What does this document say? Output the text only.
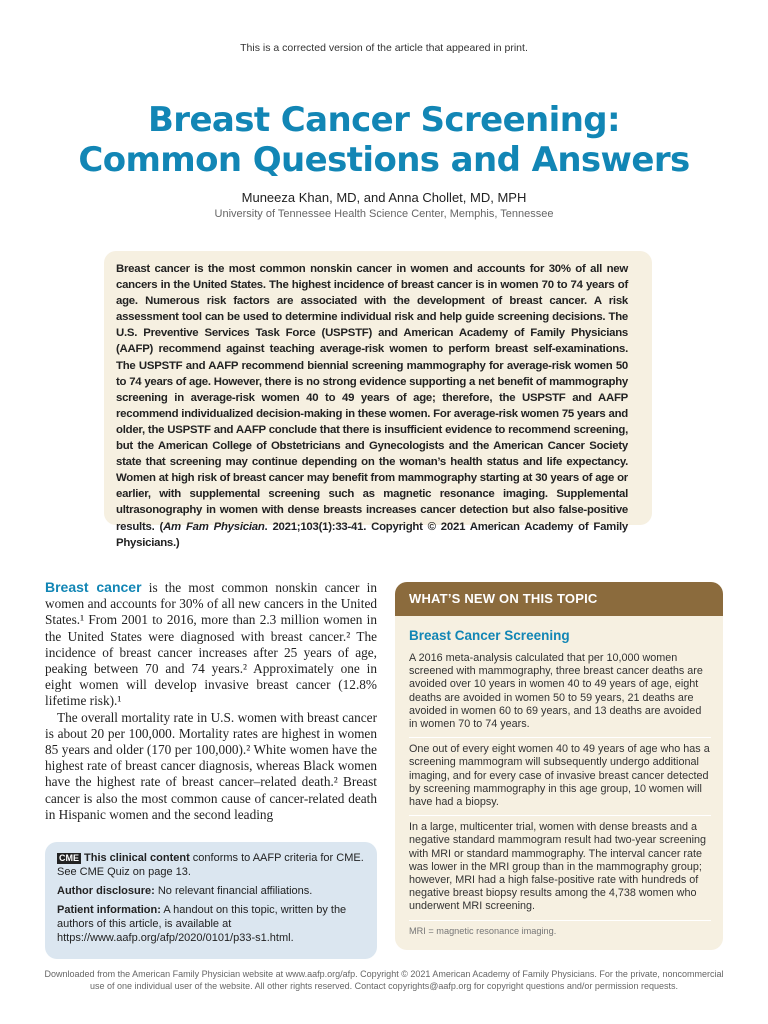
This is a corrected version of the article that appeared in print.
Breast Cancer Screening:
Common Questions and Answers
Muneeza Khan, MD, and Anna Chollet, MD, MPH
University of Tennessee Health Science Center, Memphis, Tennessee
Breast cancer is the most common nonskin cancer in women and accounts for 30% of all new cancers in the United States. The highest incidence of breast cancer is in women 70 to 74 years of age. Numerous risk factors are associated with the development of breast cancer. A risk assessment tool can be used to determine individual risk and help guide screening decisions. The U.S. Preventive Services Task Force (USPSTF) and American Academy of Family Physicians (AAFP) recommend against teaching average-risk women to perform breast self-examinations. The USPSTF and AAFP recommend biennial screening mammography for average-risk women 50 to 74 years of age. However, there is no strong evidence supporting a net benefit of mammography screening in average-risk women 40 to 49 years of age; therefore, the USPSTF and AAFP recommend individualized decision-making in these women. For average-risk women 75 years and older, the USPSTF and AAFP conclude that there is insufficient evidence to recommend screening, but the American College of Obstetricians and Gynecologists and the American Cancer Society state that screening may continue depending on the woman’s health status and life expectancy. Women at high risk of breast cancer may benefit from mammography starting at 30 years of age or earlier, with supplemental screening such as magnetic resonance imaging. Supplemental ultrasonography in women with dense breasts increases cancer detection but also false-positive results. (Am Fam Physician. 2021;103(1):33-41. Copyright © 2021 American Academy of Family Physicians.)

Breast cancer is the most common nonskin cancer in women and accounts for 30% of all new cancers in the United States.¹ From 2001 to 2016, more than 2.3 million women in the United States were diagnosed with breast cancer.² The incidence of breast cancer increases after 25 years of age, peaking between 70 and 74 years.² Approximately one in eight women will develop invasive breast cancer (12.8% lifetime risk).¹

The overall mortality rate in U.S. women with breast cancer is about 20 per 100,000. Mortality rates are highest in women 85 years and older (170 per 100,000).² White women have the highest rate of breast cancer diagnosis, whereas Black women have the highest rate of breast cancer–related death.² Breast cancer is also the most common cause of cancer-related death in Hispanic women and the second leading

CME This clinical content conforms to AAFP criteria for CME. See CME Quiz on page 13.

Author disclosure: No relevant financial affiliations.

Patient information: A handout on this topic, written by the authors of this article, is available at https://www.aafp.org/afp/2020/0101/p33-s1.html.

WHAT’S NEW ON THIS TOPIC
Breast Cancer Screening

A 2016 meta-analysis calculated that per 10,000 women screened with mammography, three breast cancer deaths are avoided over 10 years in women 40 to 49 years of age, eight deaths are avoided in women 50 to 59 years, 21 deaths are avoided in women 60 to 69 years, and 13 deaths are avoided in women 70 to 74 years.

One out of every eight women 40 to 49 years of age who has a screening mammogram will subsequently undergo additional imaging, and for every case of invasive breast cancer detected by screening mammography in this age group, 10 women will have had a biopsy.

In a large, multicenter trial, women with dense breasts and a negative standard mammogram result had two-year screening with MRI or standard mammography. The interval cancer rate was lower in the MRI group than in the mammography group; however, MRI had a high false-positive rate with hundreds of negative breast biopsy results among the 4,738 women who underwent MRI screening.

MRI = magnetic resonance imaging.
Downloaded from the American Family Physician website at www.aafp.org/afp. Copyright © 2021 American Academy of Family Physicians. For the private, noncommercial use of one individual user of the website. All other rights reserved. Contact copyrights@aafp.org for copyright questions and/or permission requests.
